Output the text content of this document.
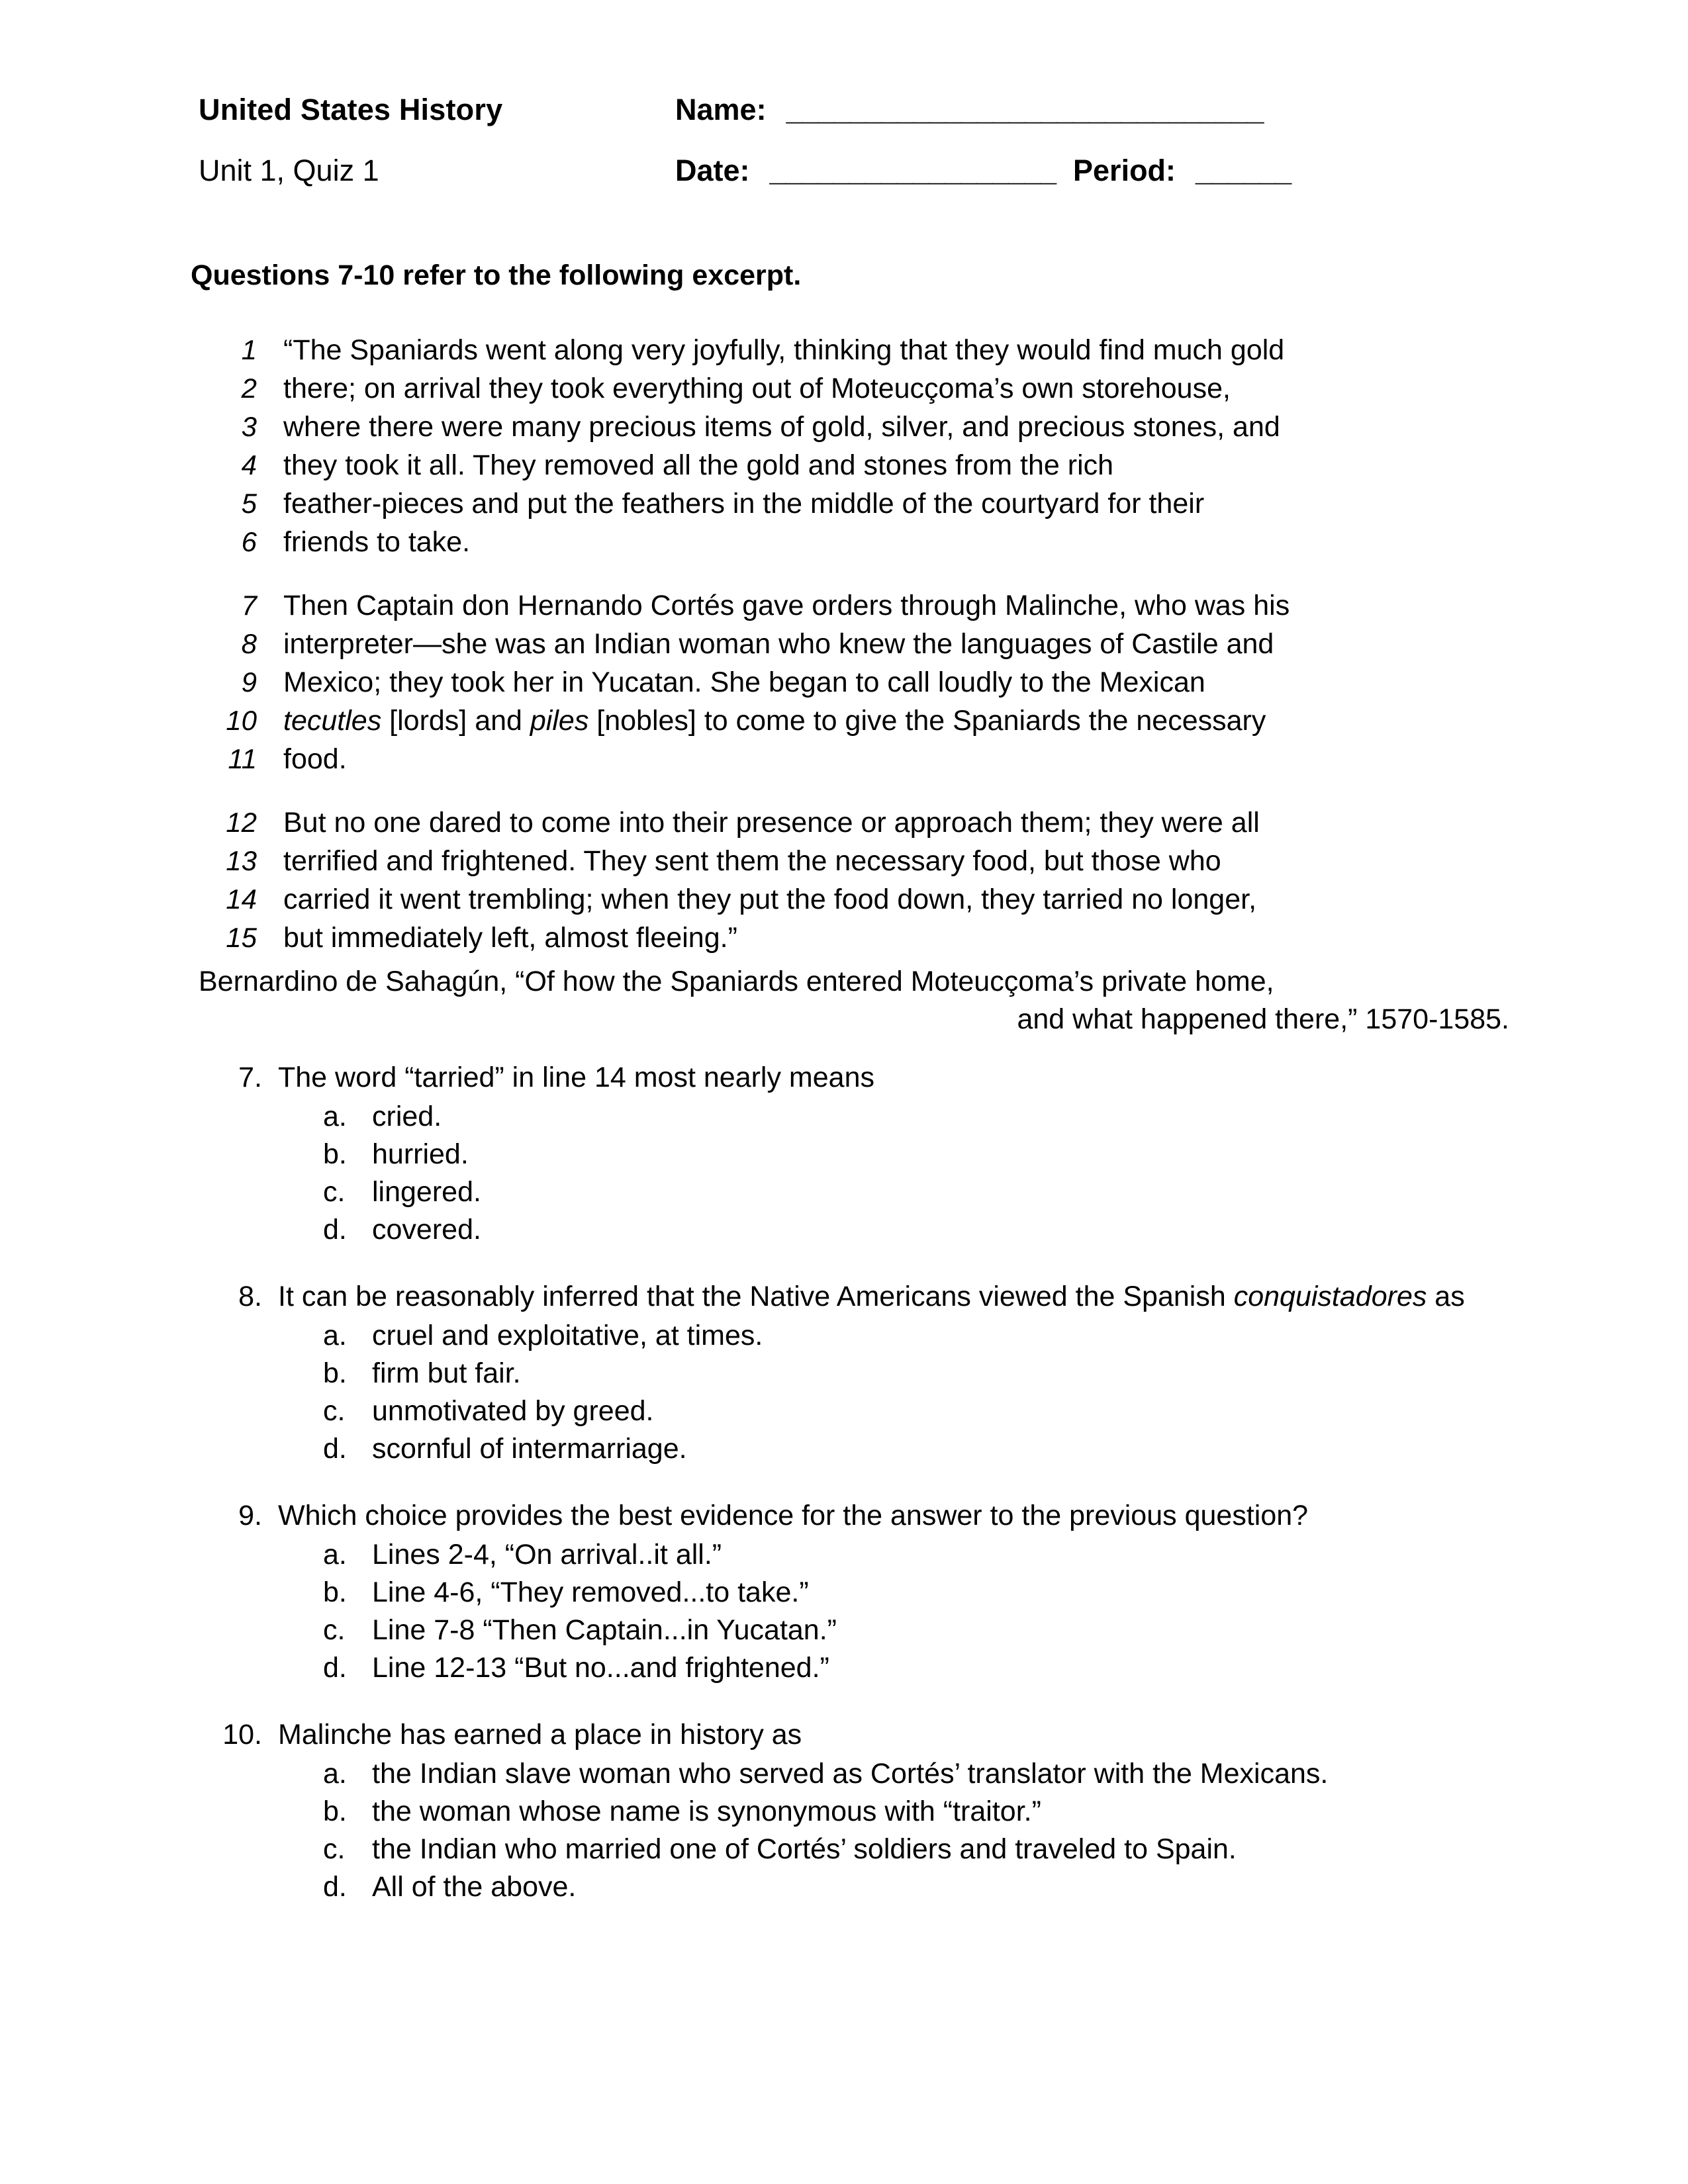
United States History	Name: ______________________________
Unit 1, Quiz 1	Date: __________________ Period: ______
Questions 7-10 refer to the following excerpt.
1 “The Spaniards went along very joyfully, thinking that they would find much gold
2 there; on arrival they took everything out of Moteucçoma’s own storehouse,
3 where there were many precious items of gold, silver, and precious stones, and
4 they took it all. They removed all the gold and stones from the rich
5 feather-pieces and put the feathers in the middle of the courtyard for their
6 friends to take.
7 Then Captain don Hernando Cortés gave orders through Malinche, who was his
8 interpreter—she was an Indian woman who knew the languages of Castile and
9 Mexico; they took her in Yucatan. She began to call loudly to the Mexican
10 tecutles [lords] and piles [nobles] to come to give the Spaniards the necessary
11 food.
12 But no one dared to come into their presence or approach them; they were all
13 terrified and frightened. They sent them the necessary food, but those who
14 carried it went trembling; when they put the food down, they tarried no longer,
15 but immediately left, almost fleeing.”
Bernardino de Sahagún, “Of how the Spaniards entered Moteucçoma’s private home,
and what happened there,” 1570-1585.
7. The word “tarried” in line 14 most nearly means
a. cried.
b. hurried.
c. lingered.
d. covered.
8. It can be reasonably inferred that the Native Americans viewed the Spanish conquistadores as
a. cruel and exploitative, at times.
b. firm but fair.
c. unmotivated by greed.
d. scornful of intermarriage.
9. Which choice provides the best evidence for the answer to the previous question?
a. Lines 2-4, “On arrival..it all.”
b. Line 4-6, “They removed...to take.”
c. Line 7-8 “Then Captain...in Yucatan.”
d. Line 12-13 “But no...and frightened.”
10. Malinche has earned a place in history as
a. the Indian slave woman who served as Cortés’ translator with the Mexicans.
b. the woman whose name is synonymous with “traitor.”
c. the Indian who married one of Cortés’ soldiers and traveled to Spain.
d. All of the above.
